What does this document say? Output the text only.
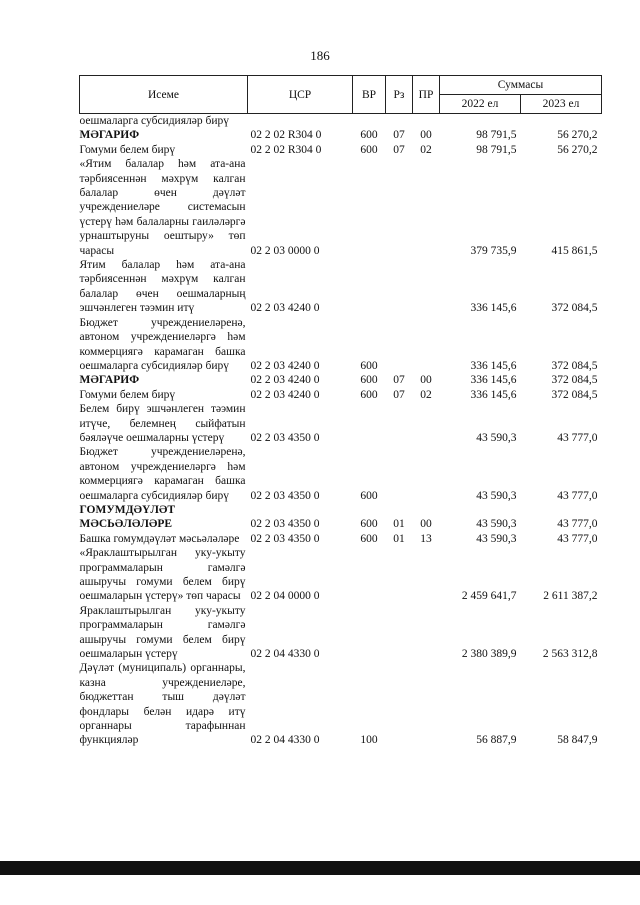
186
Исеме	ЦСР	ВР	Рз	ПР	Суммасы	
					2022 ел	2023 ел
оешмаларга субсидияләр бирү						
МӘГАРИФ	02 2 02 R304 0	600	07	00	98 791,5	56 270,2
Гомуми белем бирү	02 2 02 R304 0	600	07	02	98 791,5	56 270,2
«Ятим балалар һәм ата-ана тәрбиясеннән мәхрүм калган балалар өчен дәүләт учреждениеләре системасын үстерү һәм балаларны гаиләләргә урнаштыруны оештыру» төп чарасы	02 2 03 0000 0				379 735,9	415 861,5
Ятим балалар һәм ата-ана тәрбиясеннән мәхрүм калган балалар өчен оешмаларның эшчәнлеген тәэмин итү	02 2 03 4240 0				336 145,6	372 084,5
Бюджет учреждениеләренә, автоном учреждениеләргә һәм коммерциягә карамаган башка оешмаларга субсидияләр бирү	02 2 03 4240 0	600			336 145,6	372 084,5
МӘГАРИФ	02 2 03 4240 0	600	07	00	336 145,6	372 084,5
Гомуми белем бирү	02 2 03 4240 0	600	07	02	336 145,6	372 084,5
Белем бирү эшчәнлеген тәэмин итүче, белемнең сыйфатын бәяләүче оешмаларны үстерү	02 2 03 4350 0				43 590,3	43 777,0
Бюджет учреждениеләренә, автоном учреждениеләргә һәм коммерциягә карамаган башка оешмаларга субсидияләр бирү	02 2 03 4350 0	600			43 590,3	43 777,0
ГОМУМДӘҮЛӘТ МӘСЬӘЛӘЛӘРЕ	02 2 03 4350 0	600	01	00	43 590,3	43 777,0
Башка гомумдәүләт мәсьәләләре	02 2 03 4350 0	600	01	13	43 590,3	43 777,0
«Яраклаштырылган уку-укыту программаларын гамәлгә ашыручы гомуми белем бирү оешмаларын үстерү» төп чарасы	02 2 04 0000 0				2 459 641,7	2 611 387,2
Яраклаштырылган уку-укыту программаларын гамәлгә ашыручы гомуми белем бирү оешмаларын үстерү	02 2 04 4330 0				2 380 389,9	2 563 312,8
Дәүләт (муниципаль) органнары, казна учреждениеләре, бюджеттан тыш дәүләт фондлары белән идарә итү органнары тарафыннан функцияләр	02 2 04 4330 0	100			56 887,9	58 847,9
